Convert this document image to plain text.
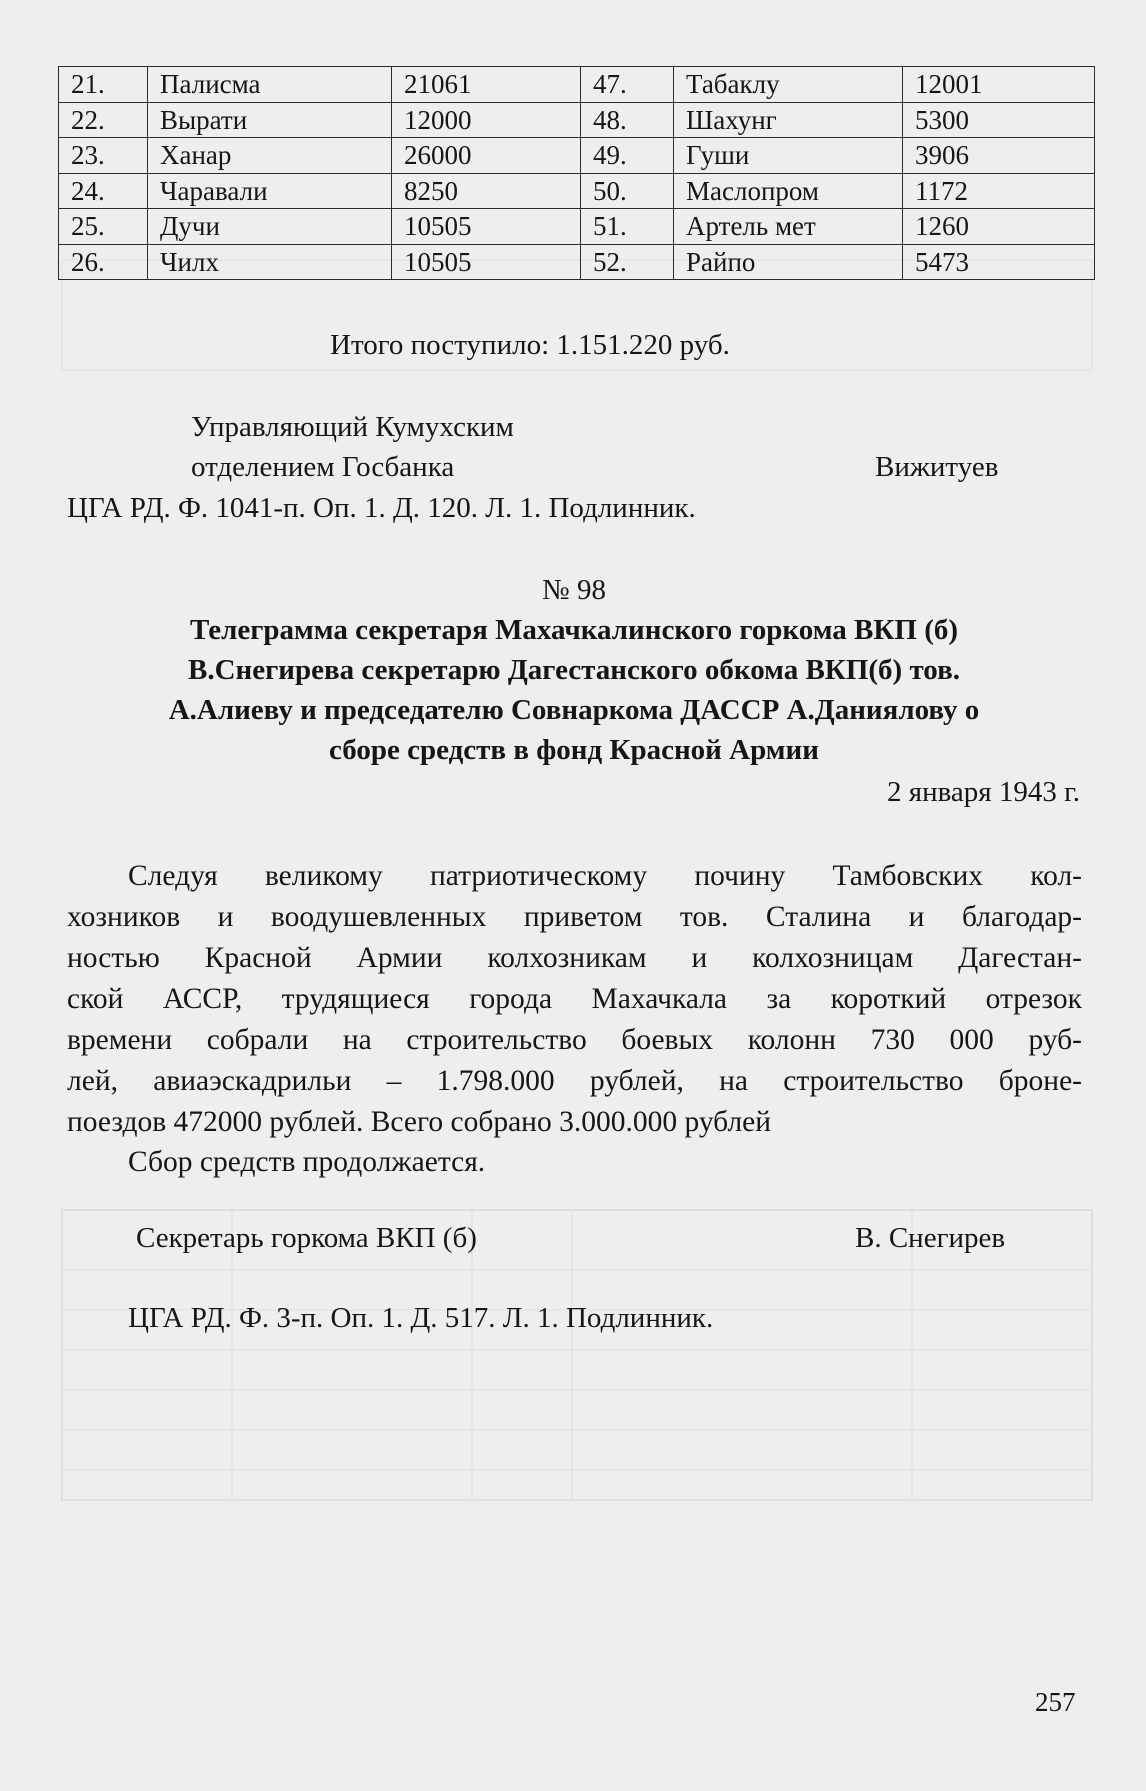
21.	Палисма	21061	47.	Табаклу	12001
22.	Вырати	12000	48.	Шахунг	5300
23.	Ханар	26000	49.	Гуши	3906
24.	Чаравали	8250	50.	Маслопром	1172
25.	Дучи	10505	51.	Артель мет	1260
26.	Чилх	10505	52.	Райпо	5473
Итого поступило: 1.151.220 руб.
Управляющий Кумухским
отделением Госбанка	Вижитуев
ЦГА РД. Ф. 1041-п. Оп. 1. Д. 120. Л. 1. Подлинник.
№ 98
Телеграмма секретаря Махачкалинского горкома ВКП (б)
В.Снегирева секретарю Дагестанского обкома ВКП(б) тов.
А.Алиеву и председателю Совнаркома ДАССР А.Даниялову о
сборе средств в фонд Красной Армии
2 января 1943 г.
Следуя великому патриотическому почину Тамбовских кол-
хозников и воодушевленных приветом тов. Сталина и благодар-
ностью Красной Армии колхозникам и колхозницам Дагестан-
ской АССР, трудящиеся города Махачкала за короткий отрезок
времени собрали на строительство боевых колонн 730 000 руб-
лей, авиаэскадрильи – 1.798.000 рублей, на строительство броне-
поездов 472000 рублей. Всего собрано 3.000.000 рублей
Сбор средств продолжается.
Секретарь горкома ВКП (б)	В. Снегирев
ЦГА РД. Ф. 3-п. Оп. 1. Д. 517. Л. 1. Подлинник.
257
